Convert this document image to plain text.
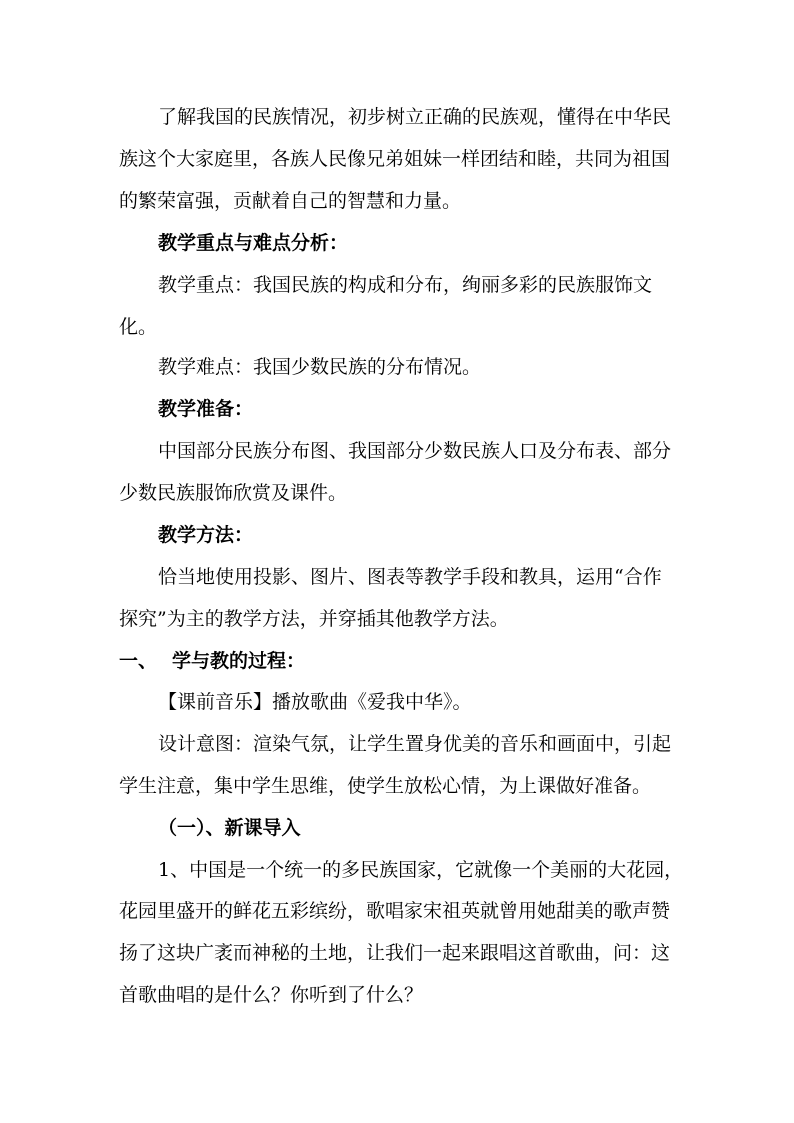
了解我国的民族情况，初步树立正确的民族观，懂得在中华民
族这个大家庭里，各族人民像兄弟姐妹一样团结和睦，共同为祖国
的繁荣富强，贡献着自己的智慧和力量。
教学重点与难点分析：
教学重点：我国民族的构成和分布，绚丽多彩的民族服饰文
化。
教学难点：我国少数民族的分布情况。
教学准备：
中国部分民族分布图、我国部分少数民族人口及分布表、部分
少数民族服饰欣赏及课件。
教学方法：
恰当地使用投影、图片、图表等教学手段和教具，运用“合作
探究”为主的教学方法，并穿插其他教学方法。
一、 学与教的过程：
【课前音乐】播放歌曲《爱我中华》。
设计意图：渲染气氛，让学生置身优美的音乐和画面中，引起
学生注意，集中学生思维，使学生放松心情，为上课做好准备。
（一）、新课导入
1、中国是一个统一的多民族国家，它就像一个美丽的大花园，
花园里盛开的鲜花五彩缤纷，歌唱家宋祖英就曾用她甜美的歌声赞
扬了这块广袤而神秘的土地，让我们一起来跟唱这首歌曲，问：这
首歌曲唱的是什么？你听到了什么？
